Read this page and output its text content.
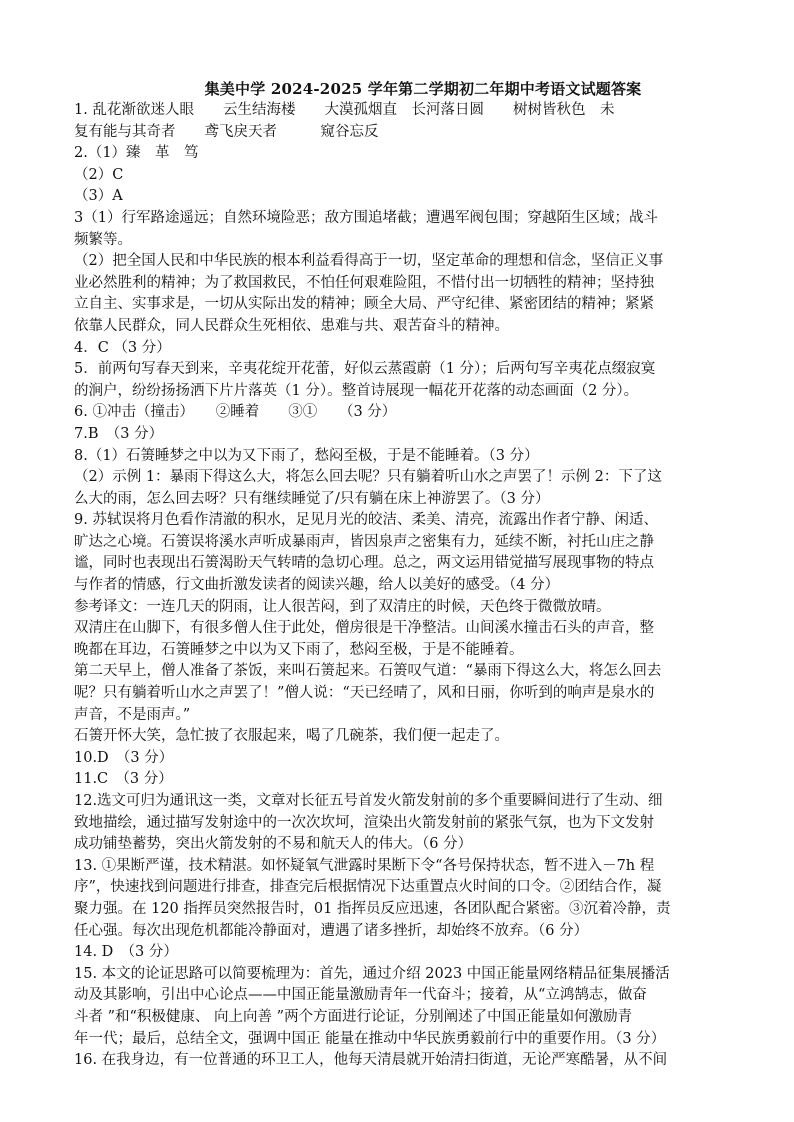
集美中学 2024-2025 学年第二学期初二年期中考语文试题答案
1. 乱花渐欲迷人眼　　云生结海楼　　大漠孤烟直　长河落日圆　　树树皆秋色　未
复有能与其奇者　　鸢飞戾天者　　　窥谷忘反
2.（1）臻　革　笃
（2）C
（3）A
3（1）行军路途遥远；自然环境险恶；敌方围追堵截；遭遇军阀包围；穿越陌生区域；战斗
频繁等。
（2）把全国人民和中华民族的根本利益看得高于一切，坚定革命的理想和信念，坚信正义事
业必然胜利的精神；为了救国救民，不怕任何艰难险阻，不惜付出一切牺牲的精神；坚持独
立自主、实事求是，一切从实际出发的精神；顾全大局、严守纪律、紧密团结的精神；紧紧
依靠人民群众，同人民群众生死相依、患难与共、艰苦奋斗的精神。
4．C （3 分）
5．前两句写春天到来，辛夷花绽开花蕾，好似云蒸霞蔚（1 分）；后两句写辛夷花点缀寂寞
的涧户，纷纷扬扬洒下片片落英（1 分）。整首诗展现一幅花开花落的动态画面（2 分）。
6. ①冲击（撞击）　　②睡着　　③①　　（3 分）
7.B　（3 分）
8.（1）石箦睡梦之中以为又下雨了，愁闷至极，于是不能睡着。（3 分）
（2）示例 1：暴雨下得这么大，将怎么回去呢？只有躺着听山水之声罢了！示例 2：下了这
么大的雨，怎么回去呀？只有继续睡觉了/只有躺在床上神游罢了。（3 分）
9. 苏轼误将月色看作清澈的积水，足见月光的皎洁、柔美、清亮，流露出作者宁静、闲适、
旷达之心境。石箦误将溪水声听成暴雨声，皆因泉声之密集有力，延续不断，衬托山庄之静
谧，同时也表现出石箦渴盼天气转晴的急切心理。总之，两文运用错觉描写展现事物的特点
与作者的情感，行文曲折激发读者的阅读兴趣，给人以美好的感受。（4 分）
参考译文：一连几天的阴雨，让人很苦闷，到了双清庄的时候，天色终于微微放晴。
双清庄在山脚下，有很多僧人住于此处，僧房很是干净整洁。山间溪水撞击石头的声音，整
晚都在耳边，石箦睡梦之中以为又下雨了，愁闷至极，于是不能睡着。
第二天早上，僧人准备了茶饭，来叫石箦起来。石箦叹气道：“暴雨下得这么大，将怎么回去
呢？只有躺着听山水之声罢了！”僧人说：“天已经晴了，风和日丽，你听到的响声是泉水的
声音，不是雨声。”
石箦开怀大笑，急忙披了衣服起来，喝了几碗茶，我们便一起走了。
10.D　（3 分）
11.C　（3 分）
12.选文可归为通讯这一类，文章对长征五号首发火箭发射前的多个重要瞬间进行了生动、细
致地描绘，通过描写发射途中的一次次坎坷，渲染出火箭发射前的紧张气氛，也为下文发射
成功铺垫蓄势，突出火箭发射的不易和航天人的伟大。（6 分）
13. ①果断严谨，技术精湛。如怀疑氧气泄露时果断下令“各号保持状态，暂不进入－7h 程
序”，快速找到问题进行排查，排查完后根据情况下达重置点火时间的口令。②团结合作，凝
聚力强。在 120 指挥员突然报告时，01 指挥员反应迅速，各团队配合紧密。③沉着冷静，责
任心强。每次出现危机都能冷静面对，遭遇了诸多挫折，却始终不放弃。（6 分）
14. D　（3 分）
15. 本文的论证思路可以简要梳理为：首先，通过介绍 2023 中国正能量网络精品征集展播活
动及其影响，引出中心论点——中国正能量激励青年一代奋斗；接着，从“立鸿鹄志，做奋
斗者 ”和“积极健康、 向上向善 ”两个方面进行论证，分别阐述了中国正能量如何激励青
年一代；最后，总结全文，强调中国正 能量在推动中华民族勇毅前行中的重要作用。（3 分）
16. 在我身边，有一位普通的环卫工人，他每天清晨就开始清扫街道，无论严寒酷暑，从不间
